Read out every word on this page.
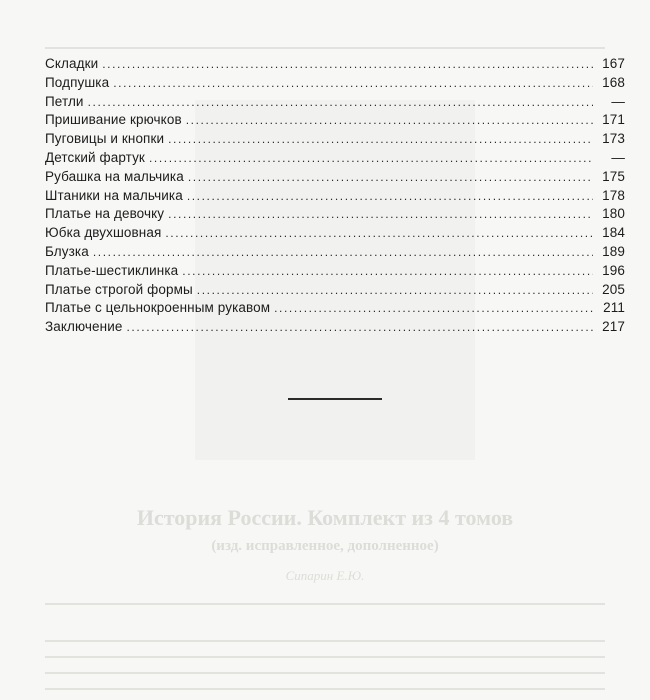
История России. Комплект из 4 томов
(изд. исправленное, дополненное)
Сипарин Е.Ю.
Складки .....	167
Подпушка .....	168
Петли .....	—
Пришивание крючков .....	171
Пуговицы и кнопки .....	173
Детский фартук .....	—
Рубашка на мальчика .....	175
Штаники на мальчика .....	178
Платье на девочку .....	180
Юбка двухшовная .....	184
Блузка .....	189
Платье-шестиклинка .....	196
Платье строгой формы .....	205
Платье с цельнокроенным рукавом .....	211
Заключение .....	217
